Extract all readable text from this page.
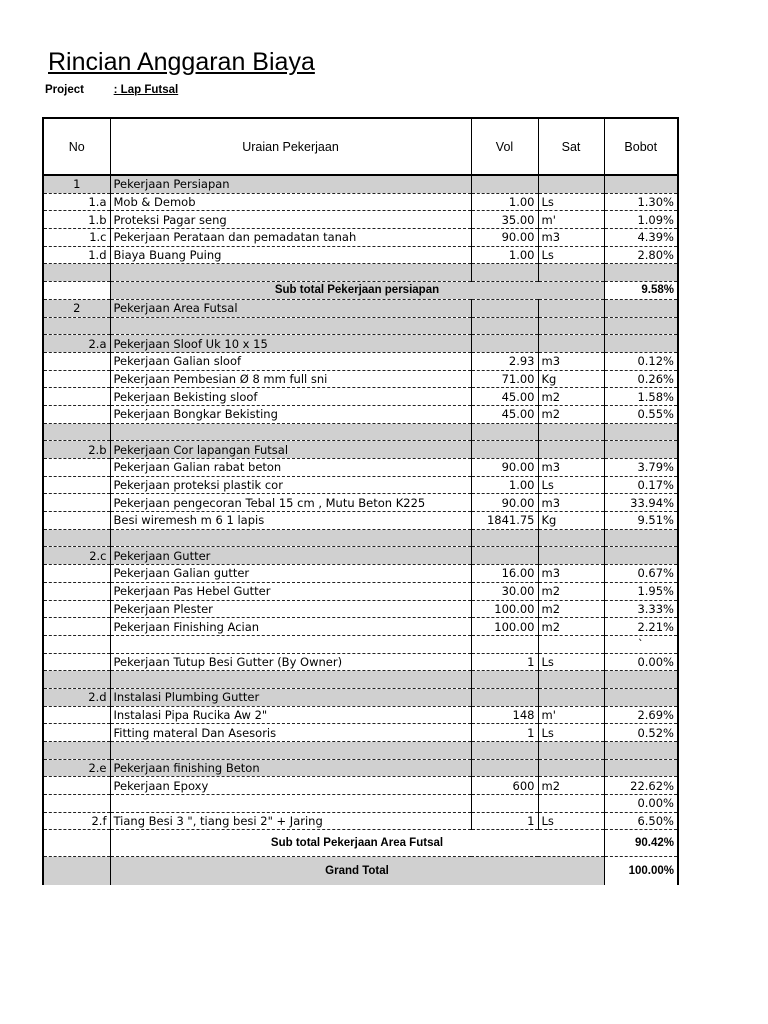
Rincian Anggaran Biaya
Project	: Lap Futsal
No	Uraian Pekerjaan	Vol	Sat	Bobot
1	Pekerjaan Persiapan			
1.a	Mob & Demob	1.00	Ls	1.30%
1.b	Proteksi Pagar seng	35.00	m'	1.09%
1.c	Pekerjaan Perataan dan pemadatan tanah	90.00	m3	4.39%
1.d	Biaya Buang Puing	1.00	Ls	2.80%

	Sub total Pekerjaan persiapan			9.58%
2	Pekerjaan Area Futsal			

2.a	Pekerjaan Sloof Uk 10 x 15			
	Pekerjaan Galian sloof	2.93	m3	0.12%
	Pekerjaan Pembesian Ø 8 mm full sni	71.00	Kg	0.26%
	Pekerjaan Bekisting sloof	45.00	m2	1.58%
	Pekerjaan Bongkar Bekisting	45.00	m2	0.55%

2.b	Pekerjaan Cor lapangan Futsal			
	Pekerjaan Galian rabat beton	90.00	m3	3.79%
	Pekerjaan proteksi plastik cor	1.00	Ls	0.17%
	Pekerjaan pengecoran Tebal 15 cm , Mutu Beton K225	90.00	m3	33.94%
	Besi wiremesh m 6 1 lapis	1841.75	Kg	9.51%

2.c	Pekerjaan Gutter			
	Pekerjaan Galian gutter	16.00	m3	0.67%
	Pekerjaan Pas Hebel Gutter	30.00	m2	1.95%
	Pekerjaan Plester	100.00	m2	3.33%
	Pekerjaan Finishing Acian	100.00	m2	2.21%
				`
	Pekerjaan Tutup Besi Gutter (By Owner)	1	Ls	0.00%

2.d	Instalasi Plumbing Gutter			
	Instalasi Pipa Rucika Aw 2"	148	m'	2.69%
	Fitting materal Dan Asesoris	1	Ls	0.52%

2.e	Pekerjaan finishing Beton			
	Pekerjaan Epoxy	600	m2	22.62%
				0.00%
2.f	Tiang Besi 3 ", tiang besi 2" + Jaring	1	Ls	6.50%
	Sub total Pekerjaan Area Futsal			90.42%
	Grand Total			100.00%
